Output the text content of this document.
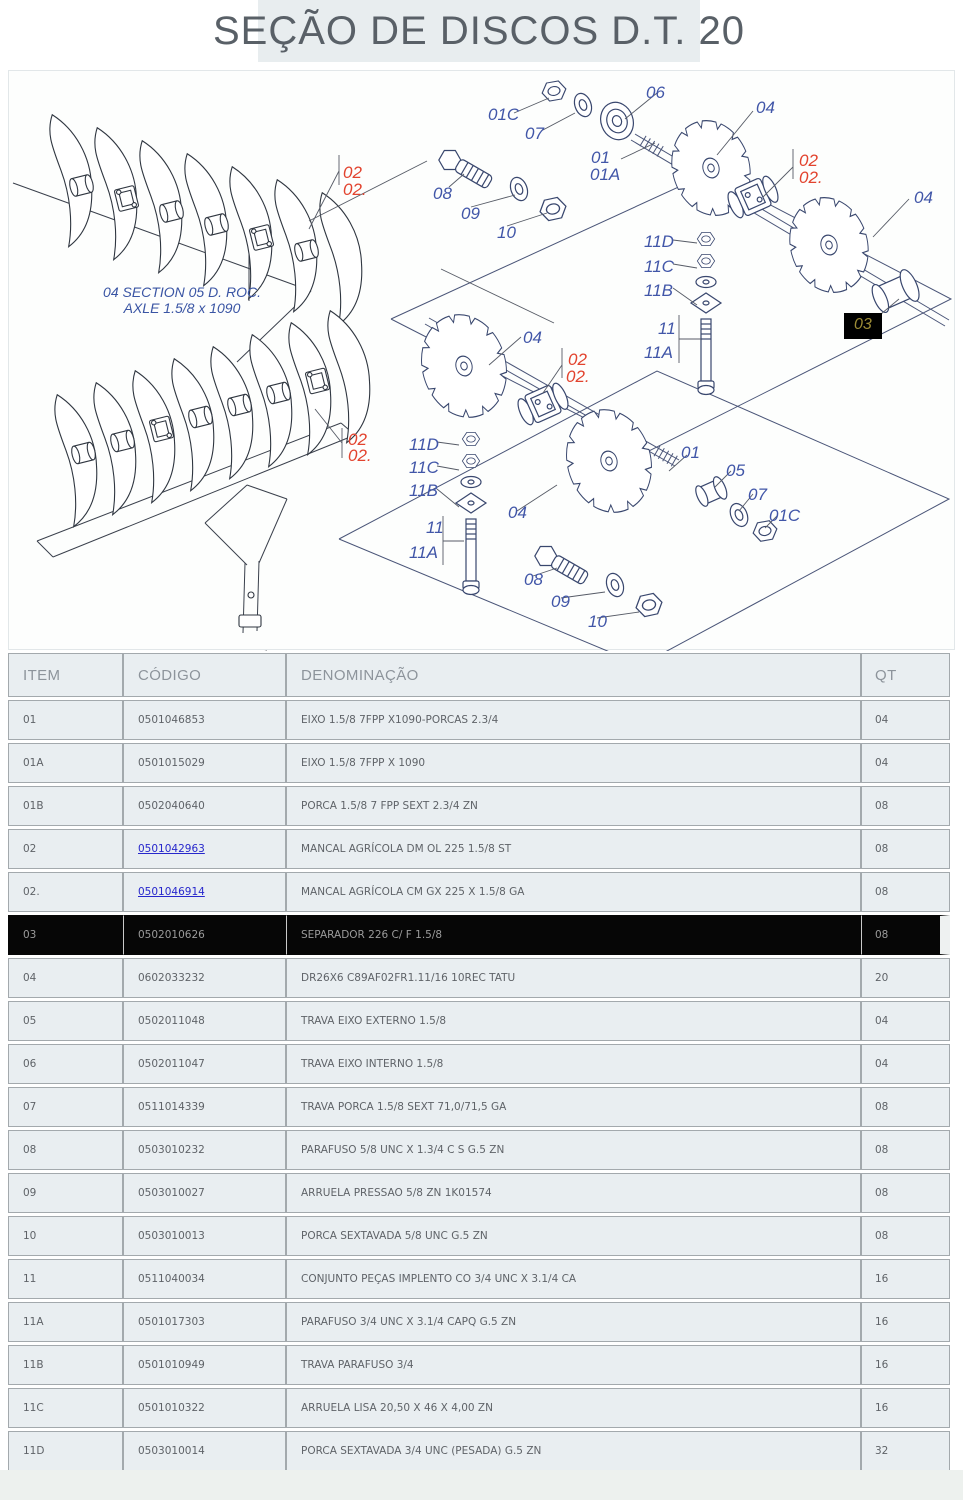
SEÇÃO DE DISCOS D.T. 20
04 SECTION 05 D. ROC.
AXLE 1.5/8 x 1090
01C
07
06
01
01A
04
02
02.
04
08
09
10	11D
11C
11B
11
11A
03
02
02.
02
02.
04
02
02.
11D
11C
11B
11
11A
04
01
05
07
01C
08
09
10
ITEM	CÓDIGO	DENOMINAÇÃO	QT
01	0501046853	EIXO 1.5/8 7FPP X1090-PORCAS 2.3/4	04
01A	0501015029	EIXO 1.5/8 7FPP X 1090	04
01B	0502040640	PORCA 1.5/8 7 FPP SEXT 2.3/4 ZN	08
02	0501042963	MANCAL AGRÍCOLA DM OL 225 1.5/8 ST	08
02.	0501046914	MANCAL AGRÍCOLA CM GX 225 X 1.5/8 GA	08
03	0502010626	SEPARADOR 226 C/ F 1.5/8	08
04	0602033232	DR26X6 C89AF02FR1.11/16 10REC TATU	20
05	0502011048	TRAVA EIXO EXTERNO 1.5/8	04
06	0502011047	TRAVA EIXO INTERNO 1.5/8	04
07	0511014339	TRAVA PORCA 1.5/8 SEXT 71,0/71,5 GA	08
08	0503010232	PARAFUSO 5/8 UNC X 1.3/4 C S G.5 ZN	08
09	0503010027	ARRUELA PRESSAO 5/8 ZN 1K01574	08
10	0503010013	PORCA SEXTAVADA 5/8 UNC G.5 ZN	08
11	0511040034	CONJUNTO PEÇAS IMPLENTO CO 3/4 UNC X 3.1/4 CA	16
11A	0501017303	PARAFUSO 3/4 UNC X 3.1/4 CAPQ G.5 ZN	16
11B	0501010949	TRAVA PARAFUSO 3/4	16
11C	0501010322	ARRUELA LISA 20,50 X 46 X 4,00 ZN	16
11D	0503010014	PORCA SEXTAVADA 3/4 UNC (PESADA) G.5 ZN	32
